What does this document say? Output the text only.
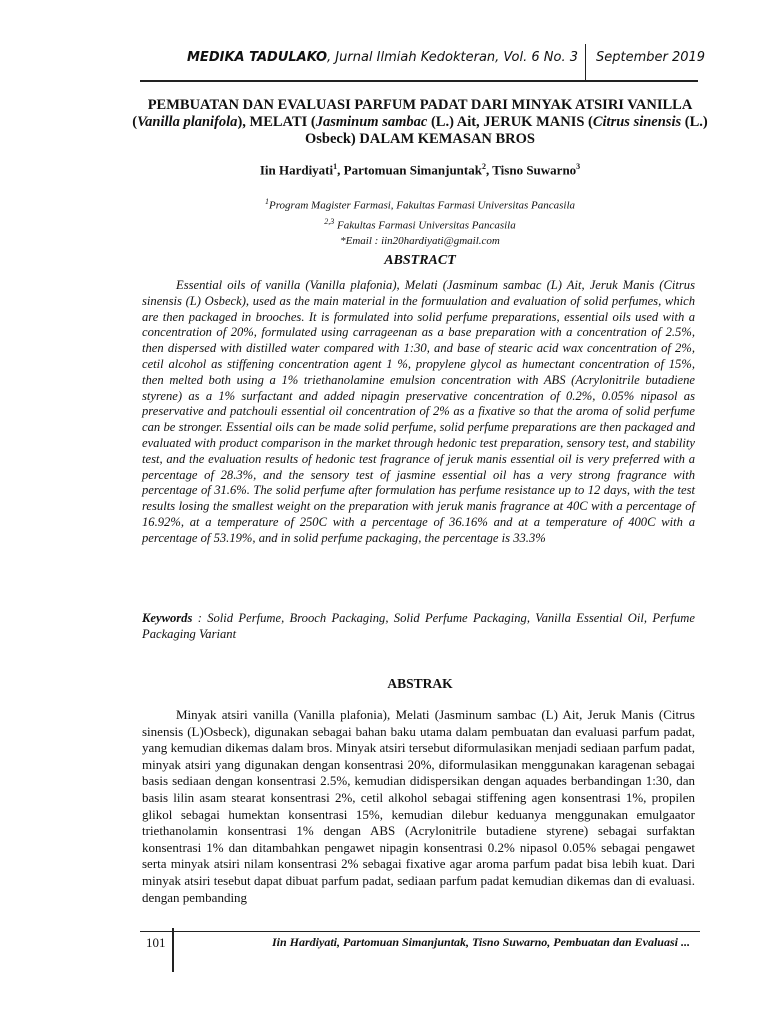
MEDIKA TADULAKO, Jurnal Ilmiah Kedokteran, Vol. 6 No. 3 September 2019
PEMBUATAN DAN EVALUASI PARFUM PADAT DARI MINYAK ATSIRI VANILLA
(Vanilla planifola), MELATI (Jasminum sambac (L.) Ait, JERUK MANIS (Citrus sinensis (L.)
Osbeck) DALAM KEMASAN BROS
Iin Hardiyati$^1$, Partomuan Simanjuntak$^2$, Tisno Suwarno$^3$
$^1$Program Magister Farmasi, Fakultas Farmasi Universitas Pancasila
$^{2,3}$ Fakultas Farmasi Universitas Pancasila
*Email : iin20hardiyati@gmail.com
ABSTRACT
Essential oils of vanilla (Vanilla plafonia), Melati (Jasminum sambac (L) Ait, Jeruk Manis (Citrus sinensis (L) Osbeck), used as the main material in the formuulation and evaluation of solid perfumes, which are then packaged in brooches. It is formulated into solid perfume preparations, essential oils used with a concentration of 20%, formulated using carrageenan as a base preparation with a concentration of 2.5%, then dispersed with distilled water compared with 1:30, and base of stearic acid wax concentration of 2%, cetil alcohol as stiffening concentration agent 1 %, propylene glycol as humectant concentration of 15%, then melted both using a 1% triethanolamine emulsion concentration with ABS (Acrylonitrile butadiene styrene) as a 1% surfactant and added nipagin preservative concentration of 0.2%, 0.05% nipasol as preservative and patchouli essential oil concentration of 2% as a fixative so that the aroma of solid perfume can be stronger. Essential oils can be made solid perfume, solid perfume preparations are then packaged and evaluated with product comparison in the market through hedonic test preparation, sensory test, and stability test, and the evaluation results of hedonic test fragrance of jeruk manis essential oil is very preferred with a percentage of 28.3%, and the sensory test of jasmine essential oil has a very strong fragrance with percentage of 31.6%. The solid perfume after formulation has perfume resistance up to 12 days, with the test results losing the smallest weight on the preparation with jeruk manis fragrance at 40C with a percentage of 16.92%, at a temperature of 250C with a percentage of 36.16% and at a temperature of 400C with a percentage of 53.19%, and in solid perfume packaging, the percentage is 33.3%
Keywords : Solid Perfume, Brooch Packaging, Solid Perfume Packaging, Vanilla Essential Oil, Perfume Packaging Variant
ABSTRAK
Minyak atsiri vanilla (Vanilla plafonia), Melati (Jasminum sambac (L) Ait, Jeruk Manis (Citrus sinensis (L)Osbeck), digunakan sebagai bahan baku utama dalam pembuatan dan evaluasi parfum padat, yang kemudian dikemas dalam bros. Minyak atsiri tersebut diformulasikan menjadi sediaan parfum padat, minyak atsiri yang digunakan dengan konsentrasi 20%, diformulasikan menggunakan karagenan sebagai basis sediaan dengan konsentrasi 2.5%, kemudian didispersikan dengan aquades berbandingan 1:30, dan basis lilin asam stearat konsentrasi 2%, cetil alkohol sebagai stiffening agen konsentrasi 1%, propilen glikol sebagai humektan konsentrasi 15%, kemudian dilebur keduanya menggunakan emulgaator triethanolamin konsentrasi 1% dengan ABS (Acrylonitrile butadiene styrene) sebagai surfaktan konsentrasi 1% dan ditambahkan pengawet nipagin konsentrasi 0.2% nipasol 0.05% sebagai pengawet serta minyak atsiri nilam konsentrasi 2% sebagai fixative agar aroma parfum padat bisa lebih kuat. Dari minyak atsiri tesebut dapat dibuat parfum padat, sediaan parfum padat kemudian dikemas dan di evaluasi. dengan pembanding
101	Iin Hardiyati, Partomuan Simanjuntak, Tisno Suwarno, Pembuatan dan Evaluasi ...
